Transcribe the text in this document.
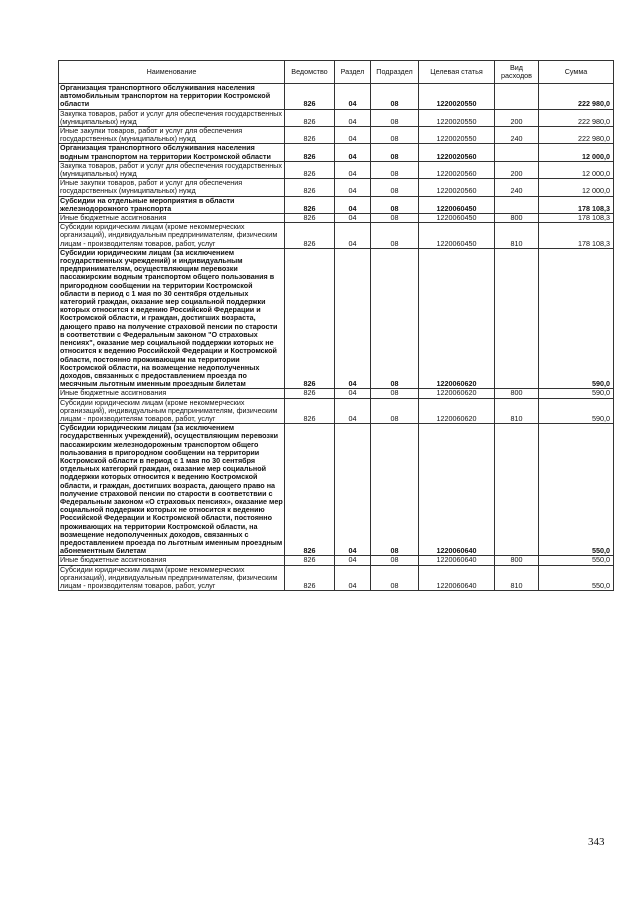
Наименование	Ведомство	Раздел	Подраздел	Целевая статья	Вид расходов	Сумма
Организация транспортного обслуживания населения автомобильным транспортом на территории Костромской области	826	04	08	1220020550		222 980,0
Закупка товаров, работ и услуг для обеспечения государственных (муниципальных) нужд	826	04	08	1220020550	200	222 980,0
Иные закупки товаров, работ и услуг для обеспечения государственных (муниципальных) нужд	826	04	08	1220020550	240	222 980,0
Организация транспортного обслуживания населения водным транспортом на территории Костромской области	826	04	08	1220020560		12 000,0
Закупка товаров, работ и услуг для обеспечения государственных (муниципальных) нужд	826	04	08	1220020560	200	12 000,0
Иные закупки товаров, работ и услуг для обеспечения государственных (муниципальных) нужд	826	04	08	1220020560	240	12 000,0
Субсидии на отдельные мероприятия в области железнодорожного транспорта	826	04	08	1220060450		178 108,3
Иные бюджетные ассигнования	826	04	08	1220060450	800	178 108,3
Субсидии юридическим лицам (кроме некоммерческих организаций), индивидуальным предпринимателям, физическим лицам - производителям товаров, работ, услуг	826	04	08	1220060450	810	178 108,3
Субсидии юридическим лицам (за исключением государственных учреждений) и индивидуальным предпринимателям, осуществляющим перевозки пассажирским водным транспортом общего пользования в пригородном сообщении на территории Костромской области в период с 1 мая по 30 сентября отдельных категорий граждан, оказание мер социальной поддержки которых относится к ведению Российской Федерации и Костромской области, и граждан, достигших возраста, дающего право на получение страховой пенсии по старости в соответствии с Федеральным законом "О страховых пенсиях", оказание мер социальной поддержки которых не относится к ведению Российской Федерации и Костромской области, постоянно проживающим на территории Костромской области, на возмещение недополученных доходов, связанных с предоставлением проезда по месячным льготным именным проездным билетам	826	04	08	1220060620		590,0
Иные бюджетные ассигнования	826	04	08	1220060620	800	590,0
Субсидии юридическим лицам (кроме некоммерческих организаций), индивидуальным предпринимателям, физическим лицам - производителям товаров, работ, услуг	826	04	08	1220060620	810	590,0
Субсидии юридическим лицам (за исключением государственных учреждений), осуществляющим перевозки пассажирским железнодорожным транспортом общего пользования в пригородном сообщении на территории Костромской области в период с 1 мая по 30 сентября отдельных категорий граждан, оказание мер социальной поддержки которых относится к ведению Костромской области, и граждан, достигших возраста, дающего право на получение страховой пенсии по старости в соответствии с Федеральным законом «О страховых пенсиях», оказание мер социальной поддержки которых не относится к ведению Российской Федерации и Костромской области, постоянно проживающих на территории Костромской области, на возмещение недополученных доходов, связанных с предоставлением проезда по льготным именным проездным абонементным билетам	826	04	08	1220060640		550,0
Иные бюджетные ассигнования	826	04	08	1220060640	800	550,0
Субсидии юридическим лицам (кроме некоммерческих организаций), индивидуальным предпринимателям, физическим лицам - производителям товаров, работ, услуг	826	04	08	1220060640	810	550,0
343
